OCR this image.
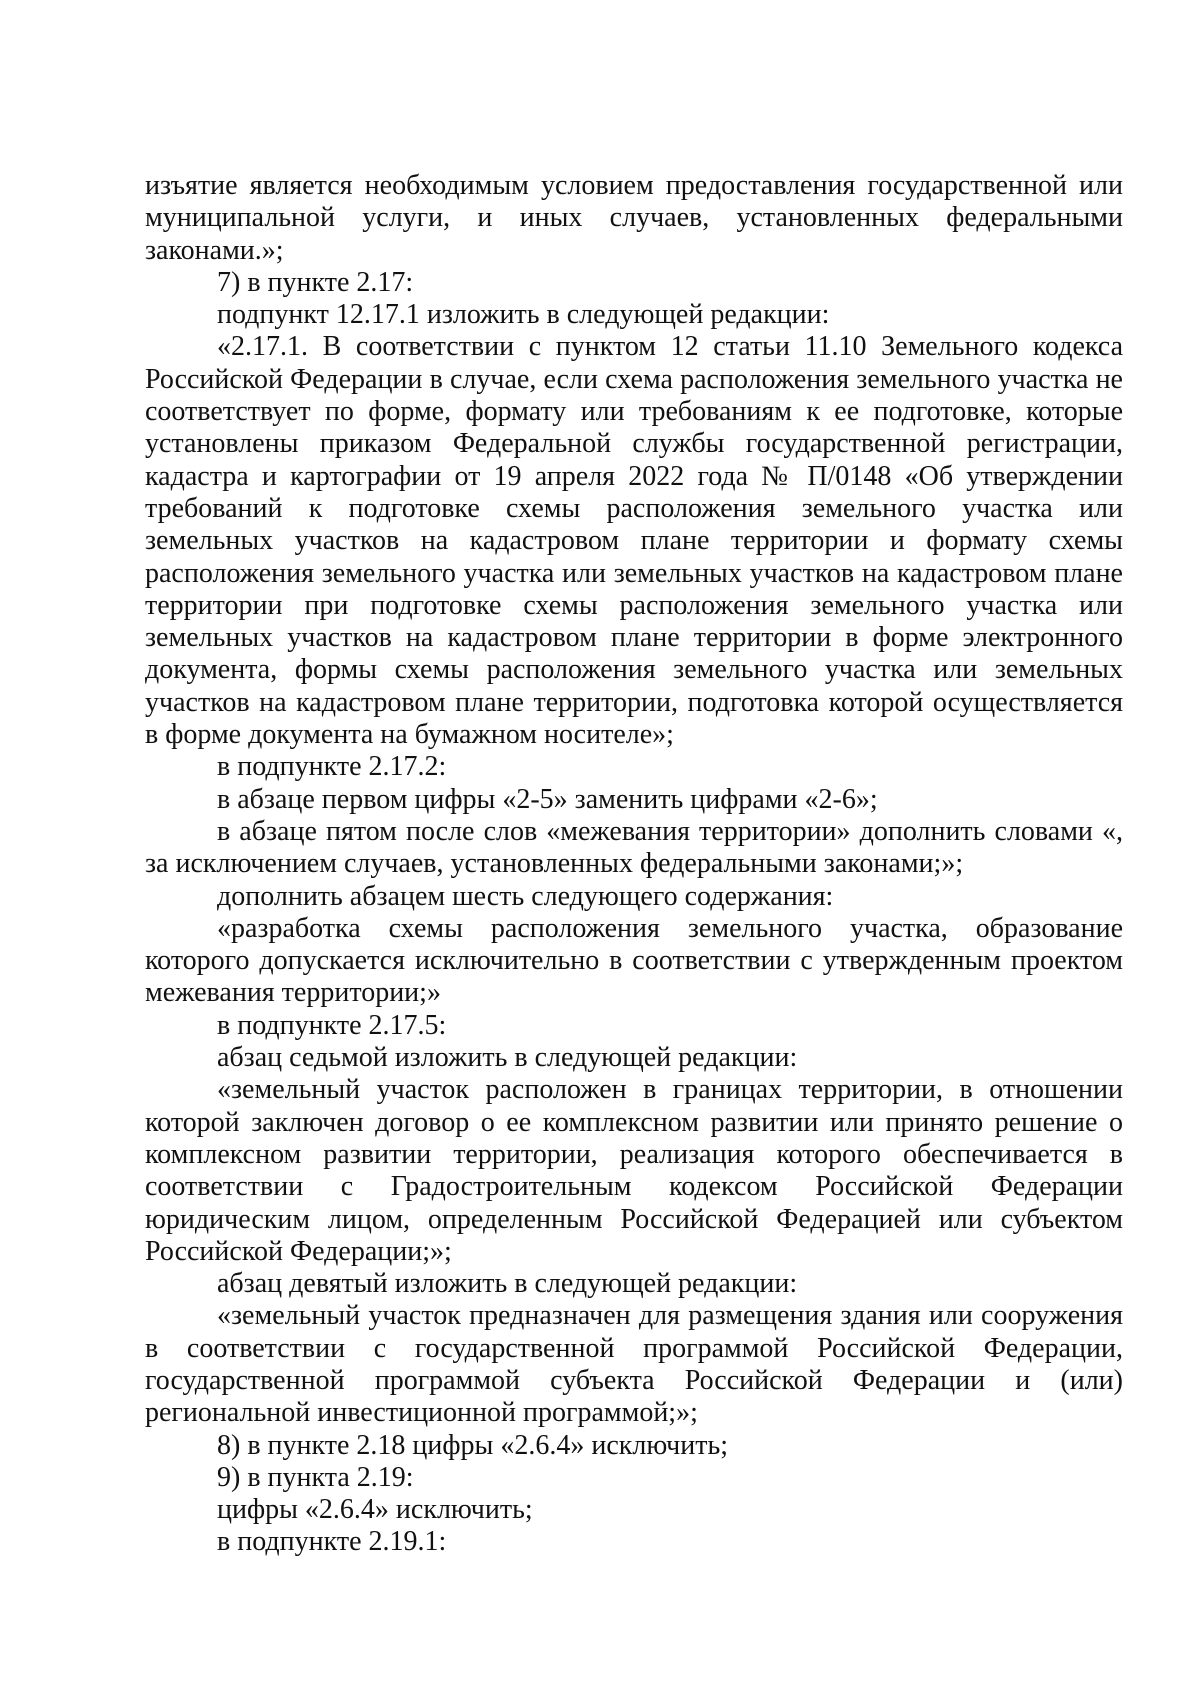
изъятие является необходимым условием предоставления государственной или муниципальной услуги, и иных случаев, установленных федеральными законами.»;

7) в пункте 2.17:

подпункт 12.17.1 изложить в следующей редакции:

«2.17.1. В соответствии с пунктом 12 статьи 11.10 Земельного кодекса Российской Федерации в случае, если схема расположения земельного участка не соответствует по форме, формату или требованиям к ее подготовке, которые установлены приказом Федеральной службы государственной регистрации, кадастра и картографии от 19 апреля 2022 года № П/0148 «Об утверждении требований к подготовке схемы расположения земельного участка или земельных участков на кадастровом плане территории и формату схемы расположения земельного участка или земельных участков на кадастровом плане территории при подготовке схемы расположения земельного участка или земельных участков на кадастровом плане территории в форме электронного документа, формы схемы расположения земельного участка или земельных участков на кадастровом плане территории, подготовка которой осуществляется в форме документа на бумажном носителе»;

в подпункте 2.17.2:

в абзаце первом цифры «2-5» заменить цифрами «2-6»;

в абзаце пятом после слов «межевания территории» дополнить словами «, за исключением случаев, установленных федеральными законами;»;

дополнить абзацем шесть следующего содержания:

«разработка схемы расположения земельного участка, образование которого допускается исключительно в соответствии с утвержденным проектом межевания территории;»

в подпункте 2.17.5:

абзац седьмой изложить в следующей редакции:

«земельный участок расположен в границах территории, в отношении которой заключен договор о ее комплексном развитии или принято решение о комплексном развитии территории, реализация которого обеспечивается в соответствии с Градостроительным кодексом Российской Федерации юридическим лицом, определенным Российской Федерацией или субъектом Российской Федерации;»;

абзац девятый изложить в следующей редакции:

«земельный участок предназначен для размещения здания или сооружения в соответствии с государственной программой Российской Федерации, государственной программой субъекта Российской Федерации и (или) региональной инвестиционной программой;»;

8) в пункте 2.18 цифры «2.6.4» исключить;

9) в пункта 2.19:

цифры «2.6.4» исключить;

в подпункте 2.19.1:
